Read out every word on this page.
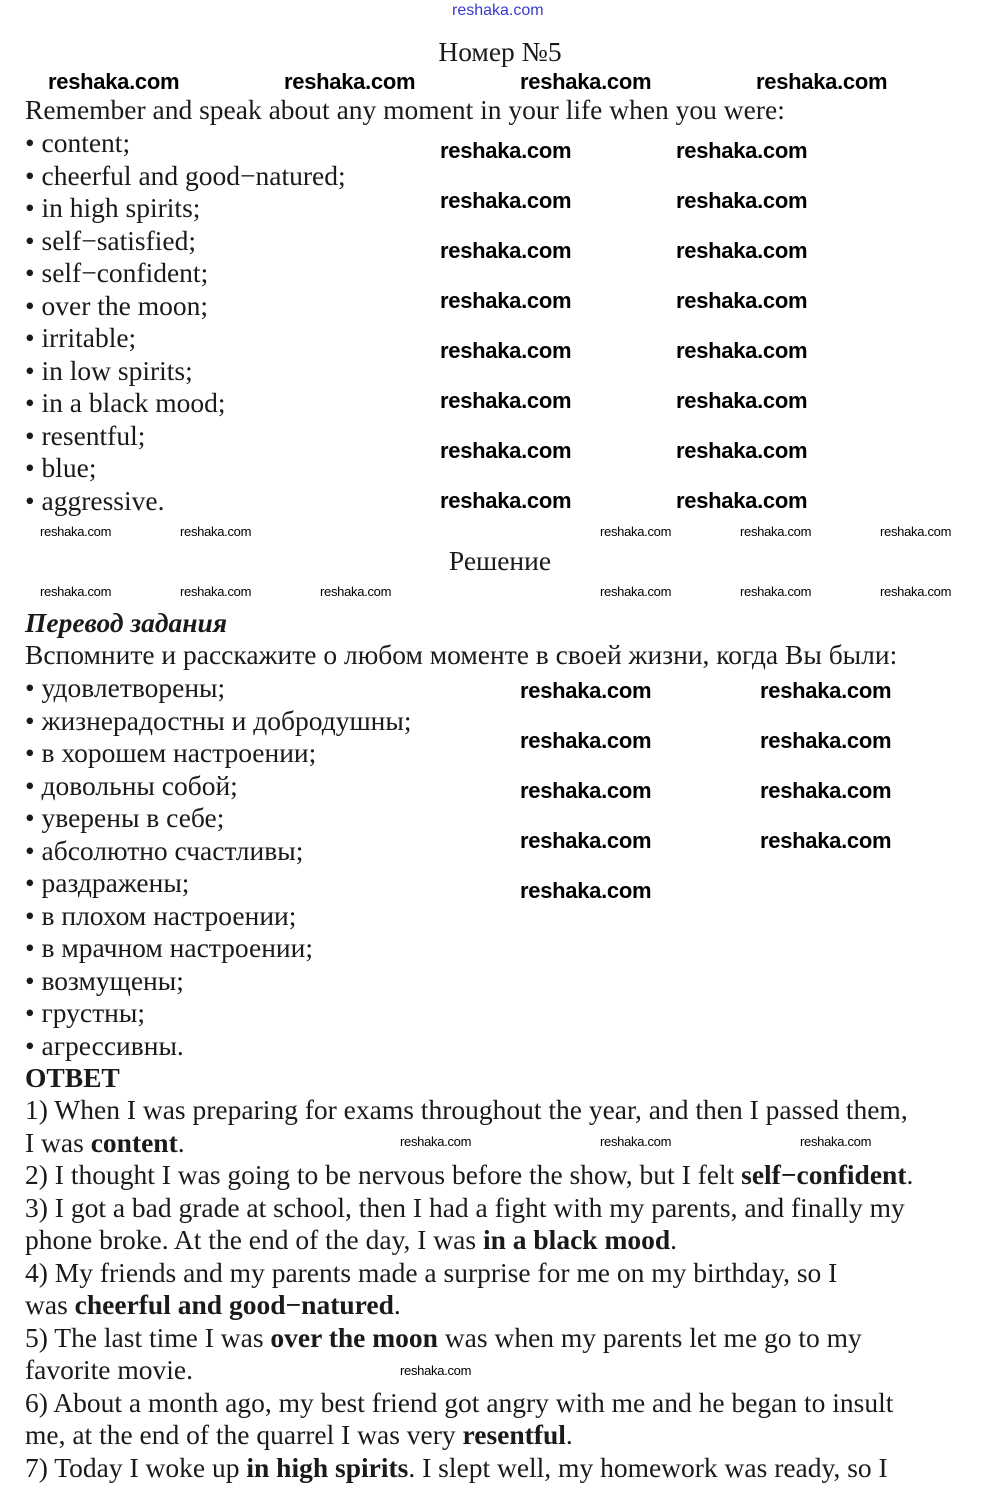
reshaka.com
Номер №5
Решение
Remember and speak about any moment in your life when you were:
• content;
• cheerful and good−natured;
• in high spirits;
• self−satisfied;
• self−confident;
• over the moon;
• irritable;
• in low spirits;
• in a black mood;
• resentful;
• blue;
• aggressive.
Перевод задания
Вспомните и расскажите о любом моменте в своей жизни, когда Вы были:
• удовлетворены;
• жизнерадостны и добродушны;
• в хорошем настроении;
• довольны собой;
• уверены в себе;
• абсолютно счастливы;
• раздражены;
• в плохом настроении;
• в мрачном настроении;
• возмущены;
• грустны;
• агрессивны.
ОТВЕТ
1) When I was preparing for exams throughout the year, and then I passed them,
I was content.
2) I thought I was going to be nervous before the show, but I felt self−confident.
3) I got a bad grade at school, then I had a fight with my parents, and finally my
phone broke. At the end of the day, I was in a black mood.
4) My friends and my parents made a surprise for me on my birthday, so I
was cheerful and good−natured.
5) The last time I was over the moon was when my parents let me go to my
favorite movie.
6) About a month ago, my best friend got angry with me and he began to insult
me, at the end of the quarrel I was very resentful.
7) Today I woke up in high spirits. I slept well, my homework was ready, so I
reshaka.com	reshaka.com	reshaka.com	reshaka.com
reshaka.com	reshaka.com
reshaka.com	reshaka.com
reshaka.com	reshaka.com
reshaka.com	reshaka.com
reshaka.com	reshaka.com
reshaka.com	reshaka.com
reshaka.com	reshaka.com
reshaka.com	reshaka.com
reshaka.com	reshaka.com
reshaka.com	reshaka.com
reshaka.com	reshaka.com
reshaka.com	reshaka.com
reshaka.com
reshaka.com	reshaka.com	reshaka.com	reshaka.com	reshaka.com
reshaka.com	reshaka.com	reshaka.com	reshaka.com	reshaka.com	reshaka.com
reshaka.com	reshaka.com	reshaka.com
reshaka.com
